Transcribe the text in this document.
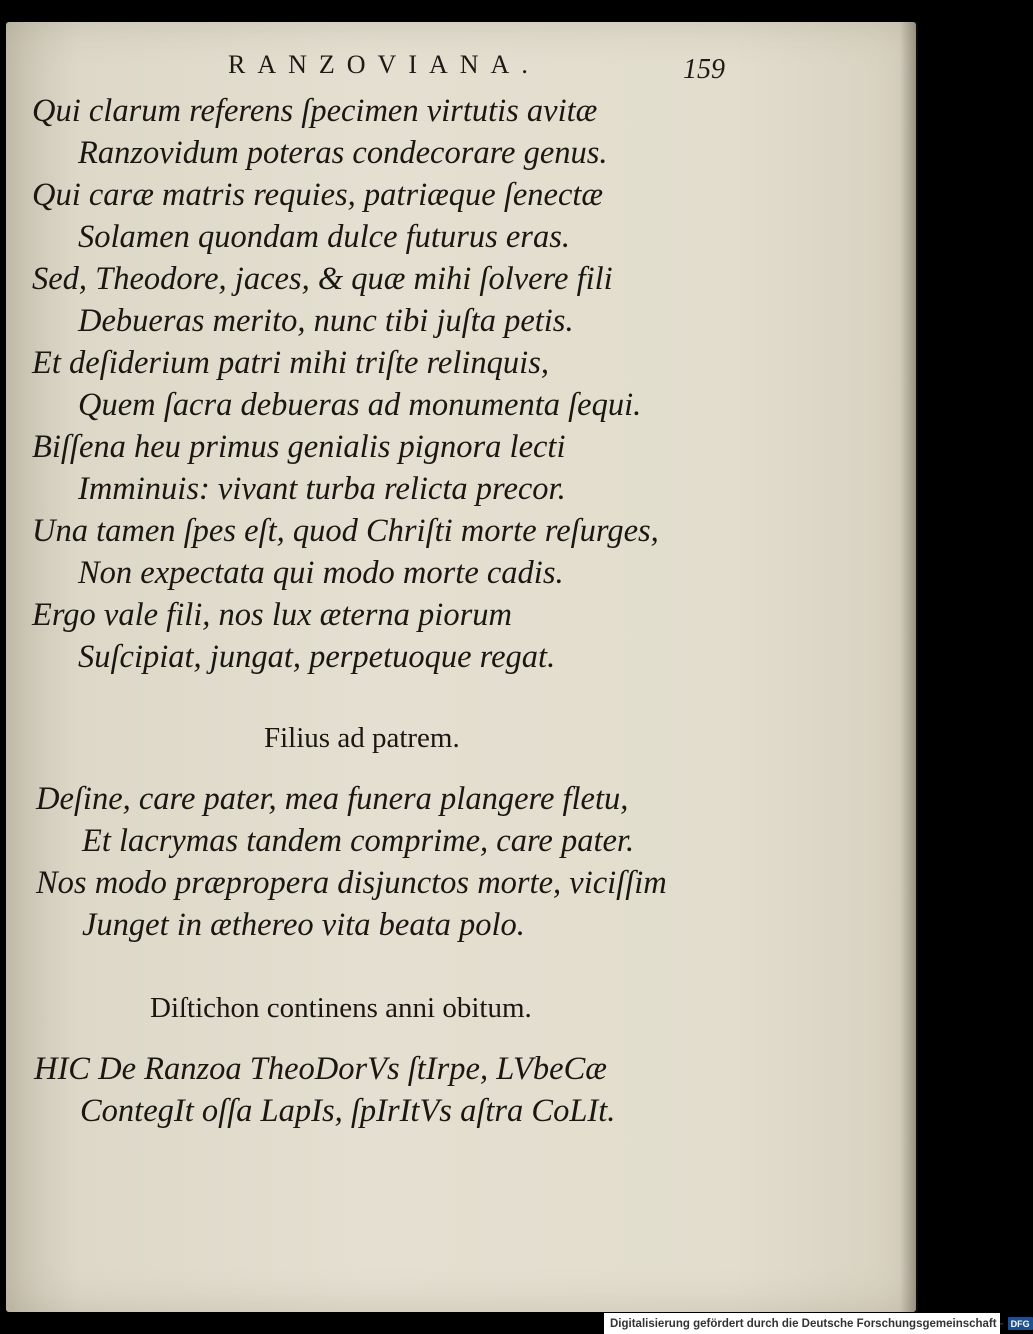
RANZOVIANA.	159
Qui clarum referens ſpecimen virtutis avitæ
Ranzovidum poteras condecorare genus.
Qui caræ matris requies, patriæque ſenectæ
Solamen quondam dulce futurus eras.
Sed, Theodore, jaces, & quæ mihi ſolvere fili
Debueras merito, nunc tibi juſta petis.
Et deſiderium patri mihi triſte relinquis,
Quem ſacra debueras ad monumenta ſequi.
Biſſena heu primus genialis pignora lecti
Imminuis: vivant turba relicta precor.
Una tamen ſpes eſt, quod Chriſti morte reſurges,
Non expectata qui modo morte cadis.
Ergo vale fili, nos lux æterna piorum
Suſcipiat, jungat, perpetuoque regat.
Filius ad patrem.
Deſine, care pater, mea funera plangere fletu,
Et lacrymas tandem comprime, care pater.
Nos modo præpropera disjunctos morte, viciſſim
Junget in æthereo vita beata polo.
Diſtichon continens anni obitum.
HIC De Ranzoa TheoDorVs ſtIrpe, LVbeCæ
ContegIt oſſa LapIs, ſpIrItVs aſtra CoLIt.
Digitalisierung gefördert durch die Deutsche Forschungsgemeinschaft - DFG
